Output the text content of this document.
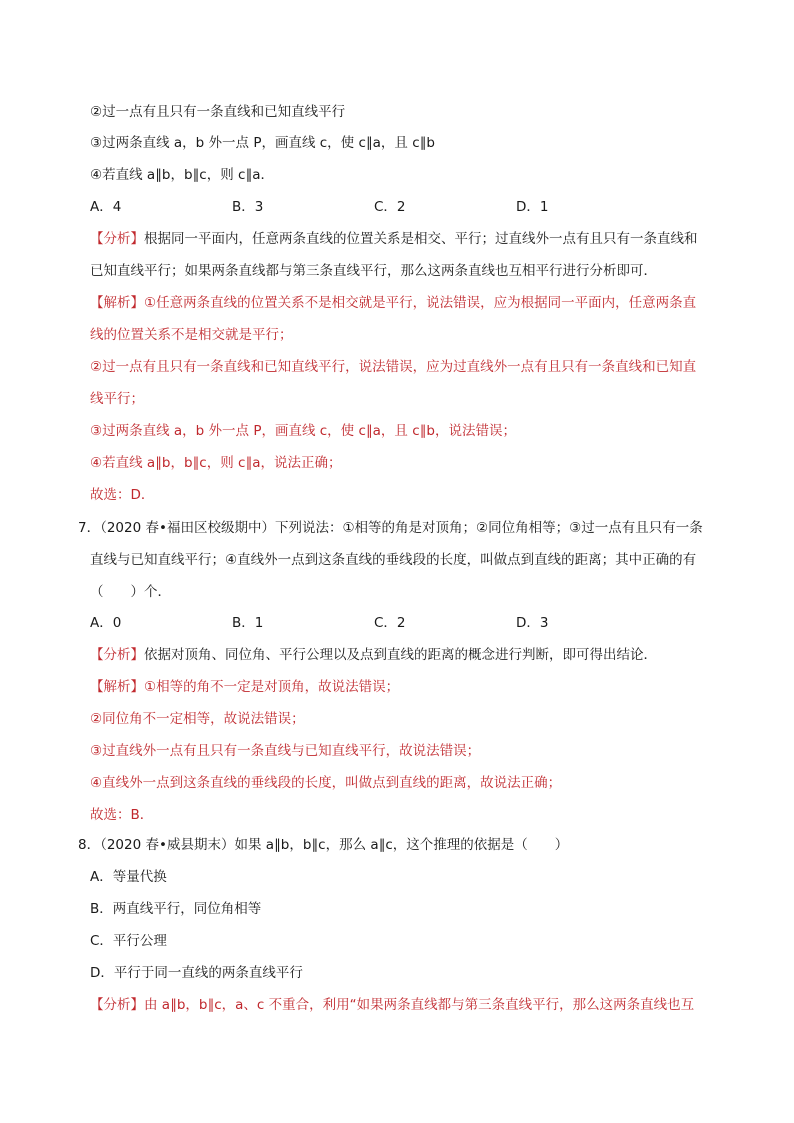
②过一点有且只有一条直线和已知直线平行
③过两条直线 a，b 外一点 P，画直线 c，使 c∥a，且 c∥b
④若直线 a∥b，b∥c，则 c∥a．
A．4	B．3	C．2	D．1
【分析】根据同一平面内，任意两条直线的位置关系是相交、平行；过直线外一点有且只有一条直线和
已知直线平行；如果两条直线都与第三条直线平行，那么这两条直线也互相平行进行分析即可．
【解析】①任意两条直线的位置关系不是相交就是平行，说法错误，应为根据同一平面内，任意两条直
线的位置关系不是相交就是平行；
②过一点有且只有一条直线和已知直线平行，说法错误，应为过直线外一点有且只有一条直线和已知直
线平行；
③过两条直线 a，b 外一点 P，画直线 c，使 c∥a，且 c∥b，说法错误；
④若直线 a∥b，b∥c，则 c∥a，说法正确；
故选：D．
7．（2020 春•福田区校级期中）下列说法：①相等的角是对顶角；②同位角相等；③过一点有且只有一条
直线与已知直线平行；④直线外一点到这条直线的垂线段的长度，叫做点到直线的距离；其中正确的有
（　　）个．
A．0	B．1	C．2	D．3
【分析】依据对顶角、同位角、平行公理以及点到直线的距离的概念进行判断，即可得出结论．
【解析】①相等的角不一定是对顶角，故说法错误；
②同位角不一定相等，故说法错误；
③过直线外一点有且只有一条直线与已知直线平行，故说法错误；
④直线外一点到这条直线的垂线段的长度，叫做点到直线的距离，故说法正确；
故选：B．
8．（2020 春•威县期末）如果 a∥b，b∥c，那么 a∥c，这个推理的依据是（　　）
A．等量代换
B．两直线平行，同位角相等
C．平行公理
D．平行于同一直线的两条直线平行
【分析】由 a∥b，b∥c，a、c 不重合，利用“如果两条直线都与第三条直线平行，那么这两条直线也互
